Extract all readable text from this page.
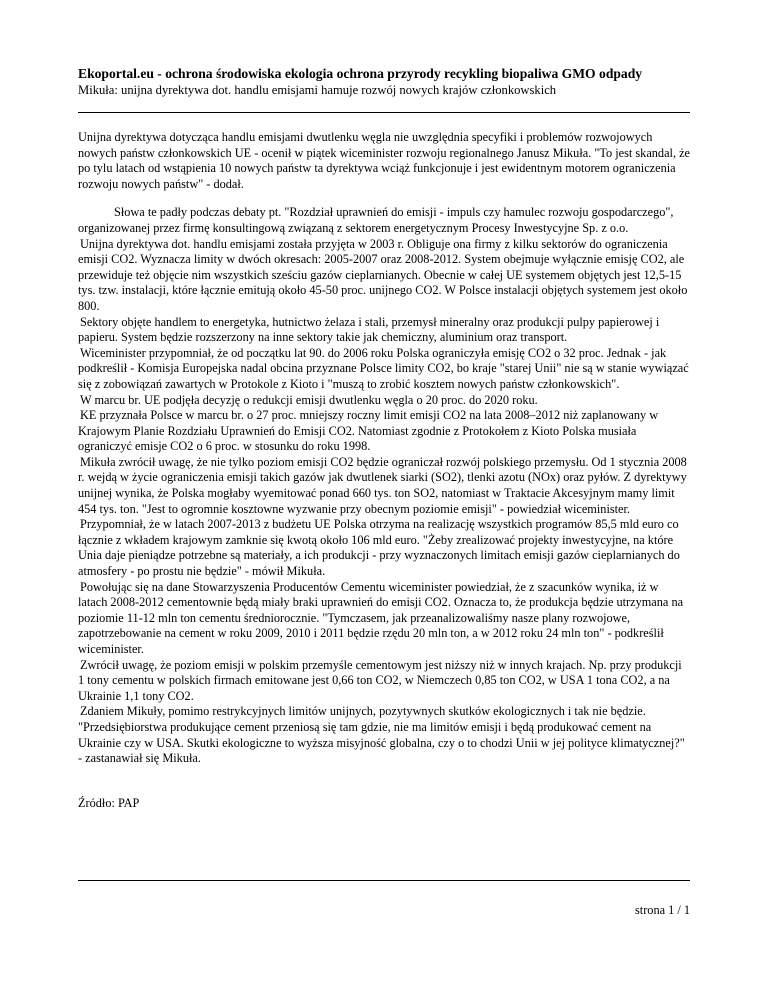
Ekoportal.eu - ochrona środowiska ekologia ochrona przyrody recykling biopaliwa GMO odpady
Mikuła: unijna dyrektywa dot. handlu emisjami hamuje rozwój nowych krajów członkowskich

Unijna dyrektywa dotycząca handlu emisjami dwutlenku węgla nie uwzględnia specyfiki i problemów rozwojowych nowych państw członkowskich UE - ocenił w piątek wiceminister rozwoju regionalnego Janusz Mikuła. "To jest skandal, że po tylu latach od wstąpienia 10 nowych państw ta dyrektywa wciąż funkcjonuje i jest ewidentnym motorem ograniczenia rozwoju nowych państw" - dodał.

Słowa te padły podczas debaty pt. "Rozdział uprawnień do emisji - impuls czy hamulec rozwoju gospodarczego", organizowanej przez firmę konsultingową związaną z sektorem energetycznym Procesy Inwestycyjne Sp. z o.o.

Unijna dyrektywa dot. handlu emisjami została przyjęta w 2003 r. Obliguje ona firmy z kilku sektorów do ograniczenia emisji CO2. Wyznacza limity w dwóch okresach: 2005-2007 oraz 2008-2012. System obejmuje wyłącznie emisję CO2, ale przewiduje też objęcie nim wszystkich sześciu gazów cieplarnianych. Obecnie w całej UE systemem objętych jest 12,5-15 tys. tzw. instalacji, które łącznie emitują około 45-50 proc. unijnego CO2. W Polsce instalacji objętych systemem jest około 800.

Sektory objęte handlem to energetyka, hutnictwo żelaza i stali, przemysł mineralny oraz produkcji pulpy papierowej i papieru. System będzie rozszerzony na inne sektory takie jak chemiczny, aluminium oraz transport.

Wiceminister przypomniał, że od początku lat 90. do 2006 roku Polska ograniczyła emisję CO2 o 32 proc. Jednak - jak podkreślił - Komisja Europejska nadal obcina przyznane Polsce limity CO2, bo kraje "starej Unii" nie są w stanie wywiązać się z zobowiązań zawartych w Protokole z Kioto i "muszą to zrobić kosztem nowych państw członkowskich".

W marcu br. UE podjęła decyzję o redukcji emisji dwutlenku węgla o 20 proc. do 2020 roku.

KE przyznała Polsce w marcu br. o 27 proc. mniejszy roczny limit emisji CO2 na lata 2008–2012 niż zaplanowany w Krajowym Planie Rozdziału Uprawnień do Emisji CO2. Natomiast zgodnie z Protokołem z Kioto Polska musiała ograniczyć emisje CO2 o 6 proc. w stosunku do roku 1998.

Mikuła zwrócił uwagę, że nie tylko poziom emisji CO2 będzie ograniczał rozwój polskiego przemysłu. Od 1 stycznia 2008 r. wejdą w życie ograniczenia emisji takich gazów jak dwutlenek siarki (SO2), tlenki azotu (NOx) oraz pyłów. Z dyrektywy unijnej wynika, że Polska mogłaby wyemitować ponad 660 tys. ton SO2, natomiast w Traktacie Akcesyjnym mamy limit 454 tys. ton. "Jest to ogromnie kosztowne wyzwanie przy obecnym poziomie emisji" - powiedział wiceminister.

Przypomniał, że w latach 2007-2013 z budżetu UE Polska otrzyma na realizację wszystkich programów 85,5 mld euro co łącznie z wkładem krajowym zamknie się kwotą około 106 mld euro. "Żeby zrealizować projekty inwestycyjne, na które Unia daje pieniądze potrzebne są materiały, a ich produkcji - przy wyznaczonych limitach emisji gazów cieplarnianych do atmosfery - po prostu nie będzie" - mówił Mikuła.

Powołując się na dane Stowarzyszenia Producentów Cementu wiceminister powiedział, że z szacunków wynika, iż w latach 2008-2012 cementownie będą miały braki uprawnień do emisji CO2. Oznacza to, że produkcja będzie utrzymana na poziomie 11-12 mln ton cementu średniorocznie. "Tymczasem, jak przeanalizowaliśmy nasze plany rozwojowe, zapotrzebowanie na cement w roku 2009, 2010 i 2011 będzie rzędu 20 mln ton, a w 2012 roku 24 mln ton" - podkreślił wiceminister.

Zwrócił uwagę, że poziom emisji w polskim przemyśle cementowym jest niższy niż w innych krajach. Np. przy produkcji 1 tony cementu w polskich firmach emitowane jest 0,66 ton CO2, w Niemczech 0,85 ton CO2, w USA 1 tona CO2, a na Ukrainie 1,1 tony CO2.

Zdaniem Mikuły, pomimo restrykcyjnych limitów unijnych, pozytywnych skutków ekologicznych i tak nie będzie. "Przedsiębiorstwa produkujące cement przeniosą się tam gdzie, nie ma limitów emisji i będą produkować cement na Ukrainie czy w USA. Skutki ekologiczne to wyższa misyjność globalna, czy o to chodzi Unii w jej polityce klimatycznej?" - zastanawiał się Mikuła.

Źródło: PAP
strona 1 / 1
